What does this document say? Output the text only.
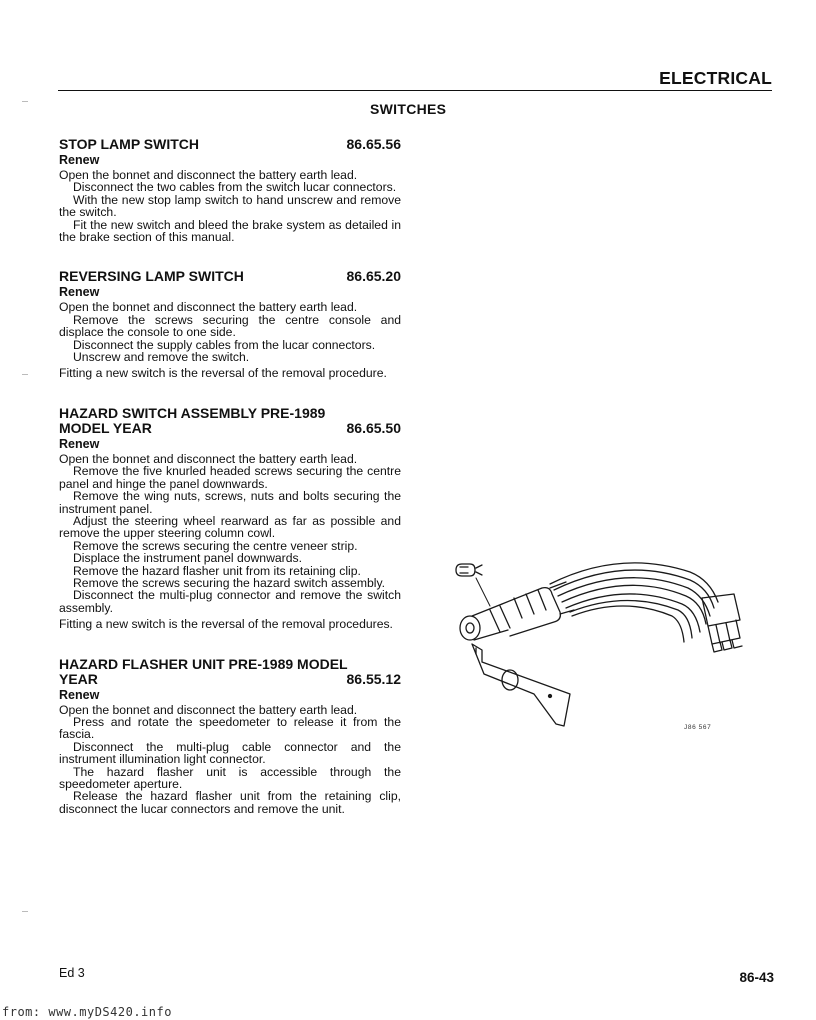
ELECTRICAL
SWITCHES
STOP LAMP SWITCH	86.65.56
Renew

Open the bonnet and disconnect the battery earth lead.

Disconnect the two cables from the switch lucar connectors.

With the new stop lamp switch to hand unscrew and remove the switch.

Fit the new switch and bleed the brake system as detailed in the brake section of this manual.

REVERSING LAMP SWITCH	86.65.20
Renew

Open the bonnet and disconnect the battery earth lead.

Remove the screws securing the centre console and displace the console to one side.

Disconnect the supply cables from the lucar connectors.

Unscrew and remove the switch.

Fitting a new switch is the reversal of the removal procedure.

HAZARD SWITCH ASSEMBLY PRE-1989
MODEL YEAR	86.65.50
Renew

Open the bonnet and disconnect the battery earth lead.

Remove the five knurled headed screws securing the centre panel and hinge the panel downwards.

Remove the wing nuts, screws, nuts and bolts securing the instrument panel.

Adjust the steering wheel rearward as far as possible and remove the upper steering column cowl.

Remove the screws securing the centre veneer strip.

Displace the instrument panel downwards.

Remove the hazard flasher unit from its retaining clip.

Remove the screws securing the hazard switch assembly.

Disconnect the multi-plug connector and remove the switch assembly.

Fitting a new switch is the reversal of the removal procedures.

HAZARD FLASHER UNIT PRE-1989 MODEL
YEAR	86.55.12
Renew

Open the bonnet and disconnect the battery earth lead.

Press and rotate the speedometer to release it from the fascia.

Disconnect the multi-plug cable connector and the instrument illumination light connector.

The hazard flasher unit is accessible through the speedometer aperture.

Release the hazard flasher unit from the retaining clip, disconnect the lucar connectors and remove the unit.

J86 567
Ed 3	86-43
from: www.myDS420.info
